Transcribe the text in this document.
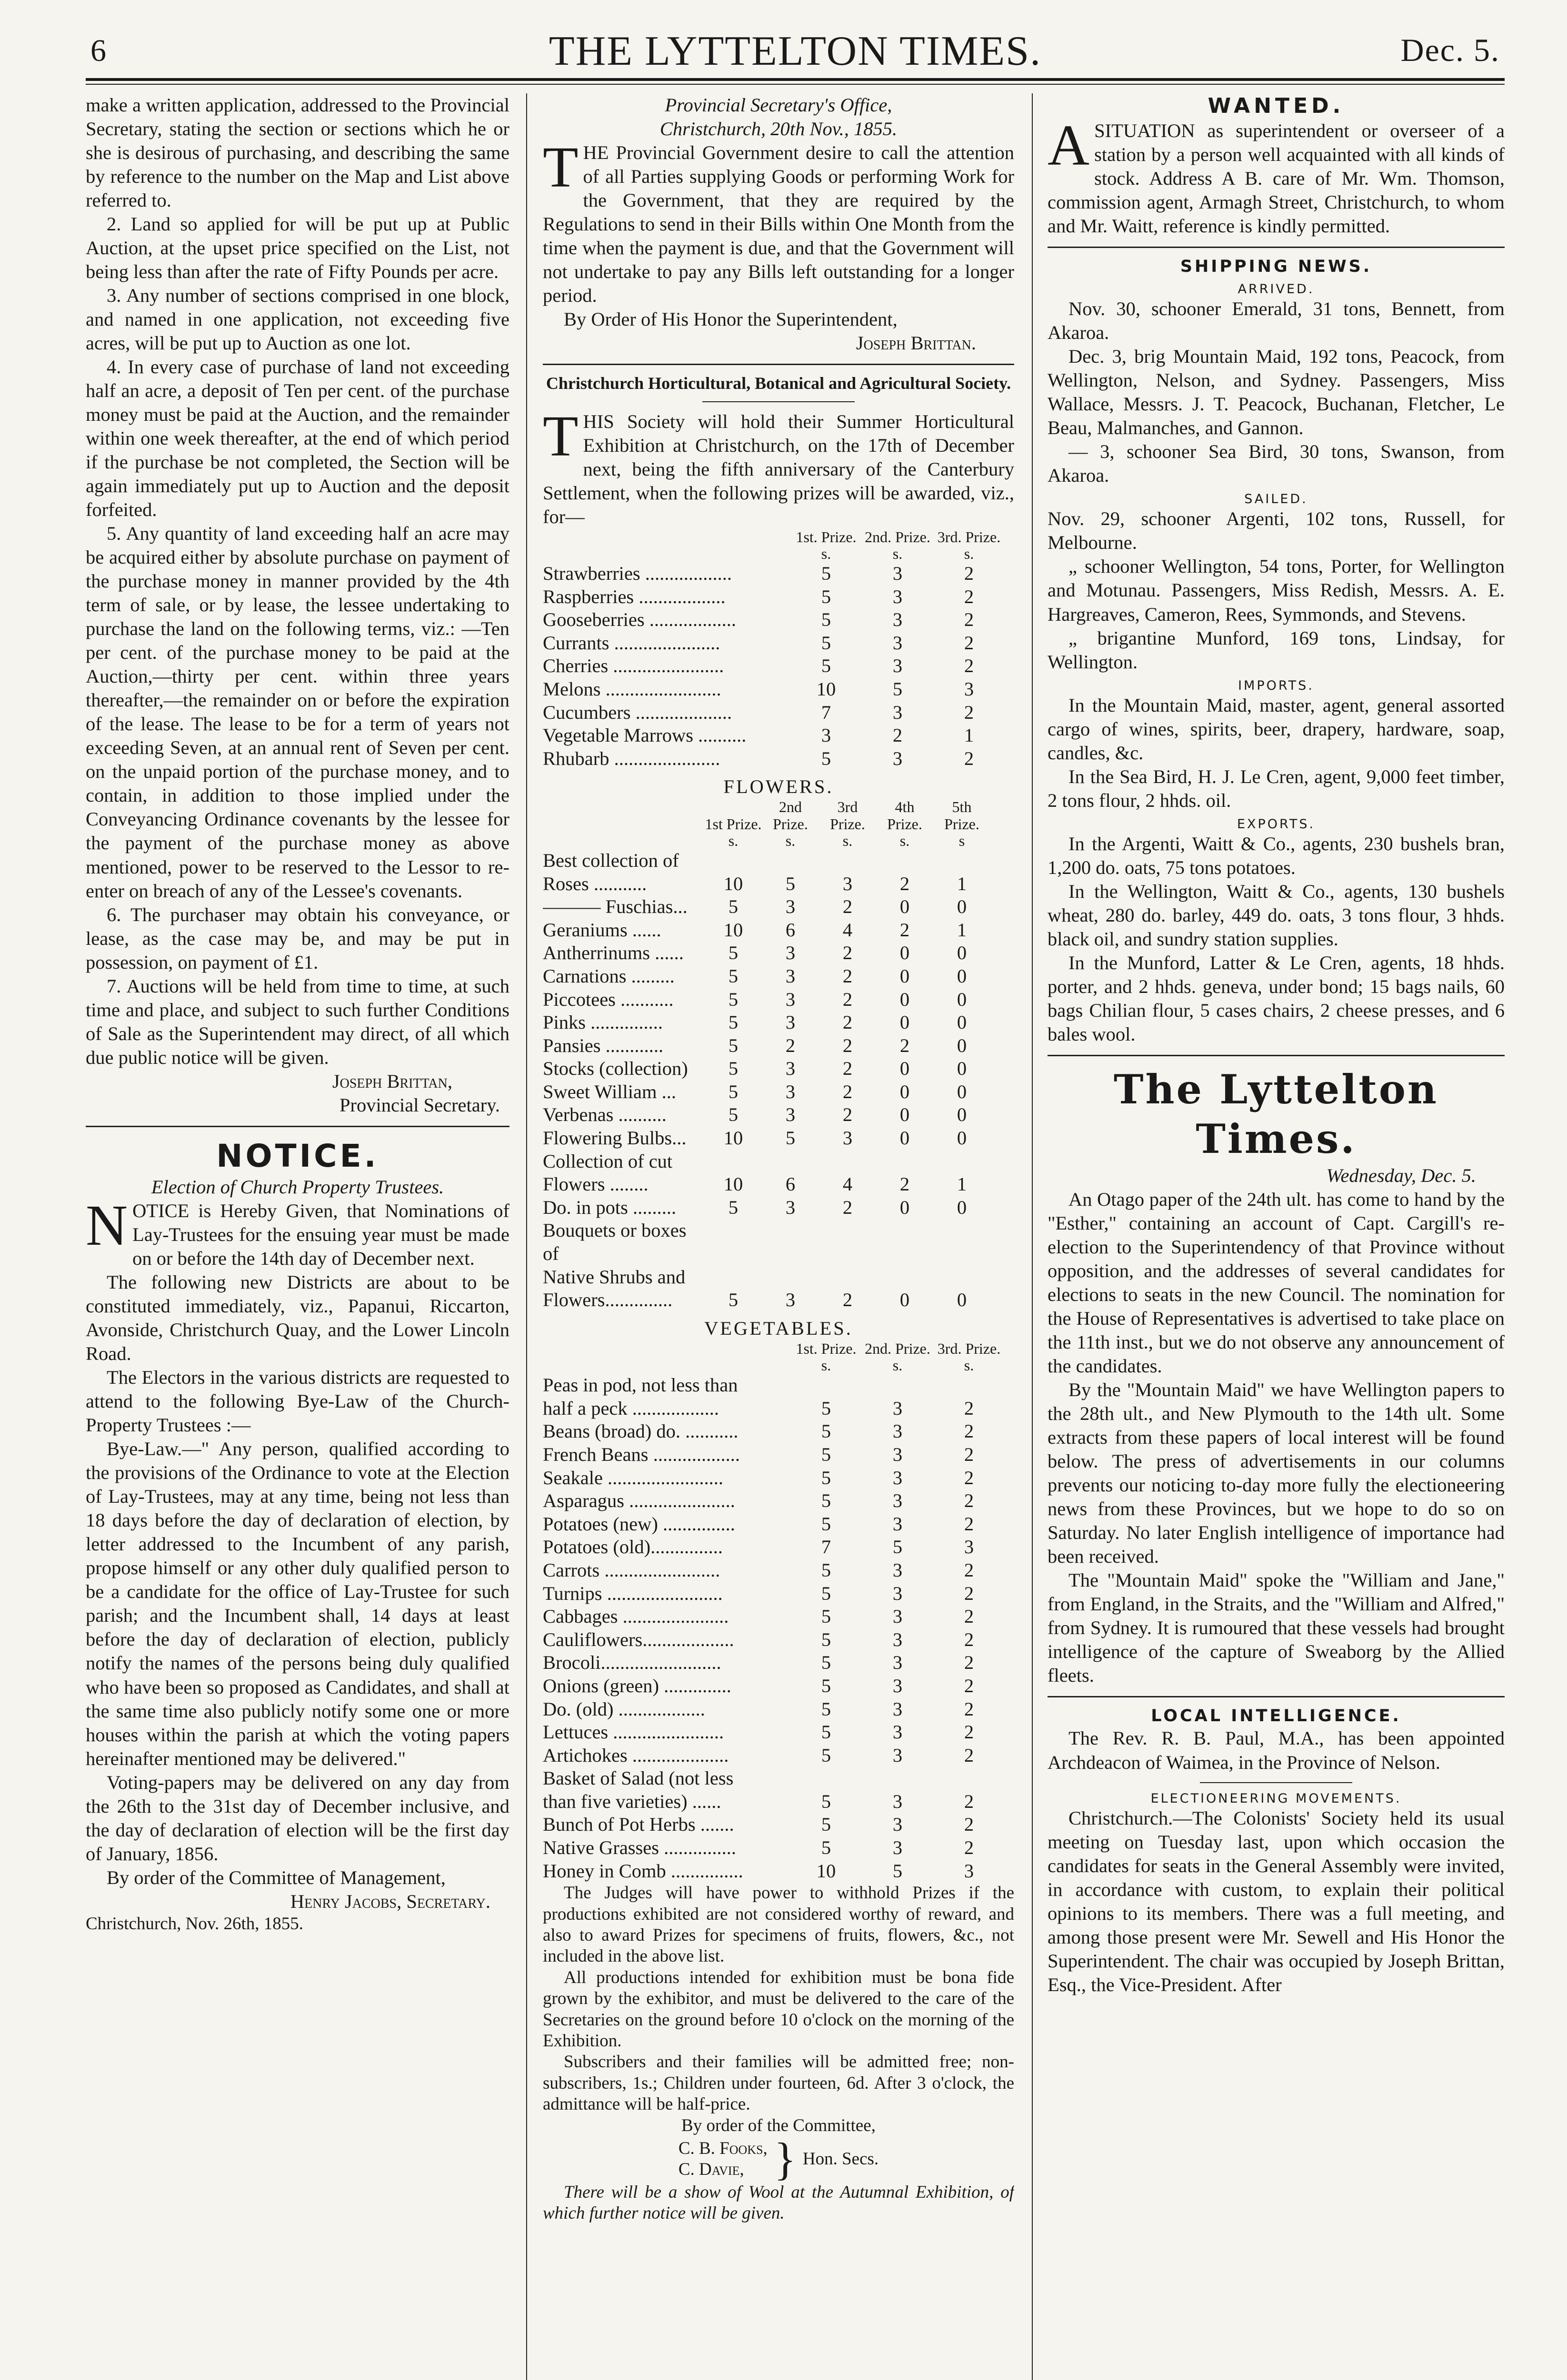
6	THE LYTTELTON TIMES.	Dec. 5.

make a written application, addressed to the Provincial Secretary, stating the section or sections which he or she is desirous of purchasing, and describing the same by reference to the number on the Map and List above referred to.

2. Land so applied for will be put up at Public Auction, at the upset price specified on the List, not being less than after the rate of Fifty Pounds per acre.

3. Any number of sections comprised in one block, and named in one application, not exceeding five acres, will be put up to Auction as one lot.

4. In every case of purchase of land not exceeding half an acre, a deposit of Ten per cent. of the purchase money must be paid at the Auction, and the remainder within one week thereafter, at the end of which period if the purchase be not completed, the Section will be again immediately put up to Auction and the deposit forfeited.

5. Any quantity of land exceeding half an acre may be acquired either by absolute purchase on payment of the purchase money in manner provided by the 4th term of sale, or by lease, the lessee undertaking to purchase the land on the following terms, viz.: —Ten per cent. of the purchase money to be paid at the Auction,—thirty per cent. within three years thereafter,—the remainder on or before the expiration of the lease. The lease to be for a term of years not exceeding Seven, at an annual rent of Seven per cent. on the unpaid portion of the purchase money, and to contain, in addition to those implied under the Conveyancing Ordinance covenants by the lessee for the payment of the purchase money as above mentioned, power to be reserved to the Lessor to re-enter on breach of any of the Lessee's covenants.

6. The purchaser may obtain his conveyance, or lease, as the case may be, and may be put in possession, on payment of £1.

7. Auctions will be held from time to time, at such time and place, and subject to such further Conditions of Sale as the Superintendent may direct, of all which due public notice will be given.

Joseph Brittan,

Provincial Secretary.

NOTICE.

Election of Church Property Trustees.

NOTICE is Hereby Given, that Nominations of Lay-Trustees for the ensuing year must be made on or before the 14th day of December next.

The following new Districts are about to be constituted immediately, viz., Papanui, Riccarton, Avonside, Christchurch Quay, and the Lower Lincoln Road.

The Electors in the various districts are requested to attend to the following Bye-Law of the Church-Property Trustees :—

Bye-Law.—" Any person, qualified according to the provisions of the Ordinance to vote at the Election of Lay-Trustees, may at any time, being not less than 18 days before the day of declaration of election, by letter addressed to the Incumbent of any parish, propose himself or any other duly qualified person to be a candidate for the office of Lay-Trustee for such parish; and the Incumbent shall, 14 days at least before the day of declaration of election, publicly notify the names of the persons being duly qualified who have been so proposed as Candidates, and shall at the same time also publicly notify some one or more houses within the parish at which the voting papers hereinafter mentioned may be delivered."

Voting-papers may be delivered on any day from the 26th to the 31st day of December inclusive, and the day of declaration of election will be the first day of January, 1856.

By order of the Committee of Management,

Henry Jacobs, Secretary.

Christchurch, Nov. 26th, 1855.

Provincial Secretary's Office,

Christchurch, 20th Nov., 1855.

THE Provincial Government desire to call the attention of all Parties supplying Goods or performing Work for the Government, that they are required by the Regulations to send in their Bills within One Month from the time when the payment is due, and that the Government will not undertake to pay any Bills left outstanding for a longer period.

By Order of His Honor the Superintendent,

Joseph Brittan.

Christchurch Horticultural, Botanical and Agricultural Society.

THIS Society will hold their Summer Horticultural Exhibition at Christchurch, on the 17th of December next, being the fifth anniversary of the Canterbury Settlement, when the following prizes will be awarded, viz., for—

	1st. Prize.	2nd. Prize.	3rd. Prize.
	s.	s.	s.
Strawberries ..................	5	3	2
Raspberries ..................	5	3	2
Gooseberries ..................	5	3	2
Currants ......................	5	3	2
Cherries .......................	5	3	2
Melons ........................	10	5	3
Cucumbers ....................	7	3	2
Vegetable Marrows ..........	3	2	1
Rhubarb ......................	5	3	2

FLOWERS.

	1st Prize.	2nd Prize.	3rd Prize.	4th Prize.	5th Prize.
	s.	s.	s.	s.	s
Best collection of					
Roses ...........	10	5	3	2	1
——— Fuschias...	5	3	2	0	0
Geraniums ......	10	6	4	2	1
Antherrinums ......	5	3	2	0	0
Carnations .........	5	3	2	0	0
Piccotees ...........	5	3	2	0	0
Pinks ...............	5	3	2	0	0
Pansies ............	5	2	2	2	0
Stocks (collection)	5	3	2	0	0
Sweet William ...	5	3	2	0	0
Verbenas ..........	5	3	2	0	0
Flowering Bulbs...	10	5	3	0	0
Collection of cut					
Flowers ........	10	6	4	2	1
Do. in pots .........	5	3	2	0	0
Bouquets or boxes of					
Native Shrubs and					
Flowers..............	5	3	2	0	0

VEGETABLES.

	1st. Prize.	2nd. Prize.	3rd. Prize.
	s.	s.	s.
Peas in pod, not less than			
half a peck ..................	5	3	2
Beans (broad) do. ...........	5	3	2
French Beans ..................	5	3	2
Seakale ........................	5	3	2
Asparagus ......................	5	3	2
Potatoes (new) ...............	5	3	2
Potatoes (old)...............	7	5	3
Carrots ........................	5	3	2
Turnips ........................	5	3	2
Cabbages ......................	5	3	2
Cauliflowers...................	5	3	2
Brocoli.........................	5	3	2
Onions (green) ..............	5	3	2
Do. (old) ..................	5	3	2
Lettuces .......................	5	3	2
Artichokes ....................	5	3	2
Basket of Salad (not less			
than five varieties) ......	5	3	2
Bunch of Pot Herbs .......	5	3	2
Native Grasses ...............	5	3	2
Honey in Comb ...............	10	5	3

The Judges will have power to withhold Prizes if the productions exhibited are not considered worthy of reward, and also to award Prizes for specimens of fruits, flowers, &c., not included in the above list.

All productions intended for exhibition must be bona fide grown by the exhibitor, and must be delivered to the care of the Secretaries on the ground before 10 o'clock on the morning of the Exhibition.

Subscribers and their families will be admitted free; non-subscribers, 1s.; Children under fourteen, 6d. After 3 o'clock, the admittance will be half-price.

By order of the Committee,

C. B. Fooks,
C. Davie, } Hon. Secs.

There will be a show of Wool at the Autumnal Exhibition, of which further notice will be given.

WANTED.

ASITUATION as superintendent or overseer of a station by a person well acquainted with all kinds of stock. Address A B. care of Mr. Wm. Thomson, commission agent, Armagh Street, Christchurch, to whom and Mr. Waitt, reference is kindly permitted.

SHIPPING NEWS.
ARRIVED.

Nov. 30, schooner Emerald, 31 tons, Bennett, from Akaroa.

Dec. 3, brig Mountain Maid, 192 tons, Peacock, from Wellington, Nelson, and Sydney. Passengers, Miss Wallace, Messrs. J. T. Peacock, Buchanan, Fletcher, Le Beau, Malmanches, and Gannon.

— 3, schooner Sea Bird, 30 tons, Swanson, from Akaroa.

SAILED.

Nov. 29, schooner Argenti, 102 tons, Russell, for Melbourne.

„ schooner Wellington, 54 tons, Porter, for Wellington and Motunau. Passengers, Miss Redish, Messrs. A. E. Hargreaves, Cameron, Rees, Symmonds, and Stevens.

„ brigantine Munford, 169 tons, Lindsay, for Wellington.

IMPORTS.

In the Mountain Maid, master, agent, general assorted cargo of wines, spirits, beer, drapery, hardware, soap, candles, &c.

In the Sea Bird, H. J. Le Cren, agent, 9,000 feet timber, 2 tons flour, 2 hhds. oil.

EXPORTS.

In the Argenti, Waitt & Co., agents, 230 bushels bran, 1,200 do. oats, 75 tons potatoes.

In the Wellington, Waitt & Co., agents, 130 bushels wheat, 280 do. barley, 449 do. oats, 3 tons flour, 3 hhds. black oil, and sundry station supplies.

In the Munford, Latter & Le Cren, agents, 18 hhds. porter, and 2 hhds. geneva, under bond; 15 bags nails, 60 bags Chilian flour, 5 cases chairs, 2 cheese presses, and 6 bales wool.

The Lyttelton Times.

Wednesday, Dec. 5.

An Otago paper of the 24th ult. has come to hand by the "Esther," containing an account of Capt. Cargill's re-election to the Superintendency of that Province without opposition, and the addresses of several candidates for elections to seats in the new Council. The nomination for the House of Representatives is advertised to take place on the 11th inst., but we do not observe any announcement of the candidates.

By the "Mountain Maid" we have Wellington papers to the 28th ult., and New Plymouth to the 14th ult. Some extracts from these papers of local interest will be found below. The press of advertisements in our columns prevents our noticing to-day more fully the electioneering news from these Provinces, but we hope to do so on Saturday. No later English intelligence of importance had been received.

The "Mountain Maid" spoke the "William and Jane," from England, in the Straits, and the "William and Alfred," from Sydney. It is rumoured that these vessels had brought intelligence of the capture of Sweaborg by the Allied fleets.

LOCAL INTELLIGENCE.

The Rev. R. B. Paul, M.A., has been appointed Archdeacon of Waimea, in the Province of Nelson.

ELECTIONEERING MOVEMENTS.

Christchurch.—The Colonists' Society held its usual meeting on Tuesday last, upon which occasion the candidates for seats in the General Assembly were invited, in accordance with custom, to explain their political opinions to its members. There was a full meeting, and among those present were Mr. Sewell and His Honor the Superintendent. The chair was occupied by Joseph Brittan, Esq., the Vice-President. After
